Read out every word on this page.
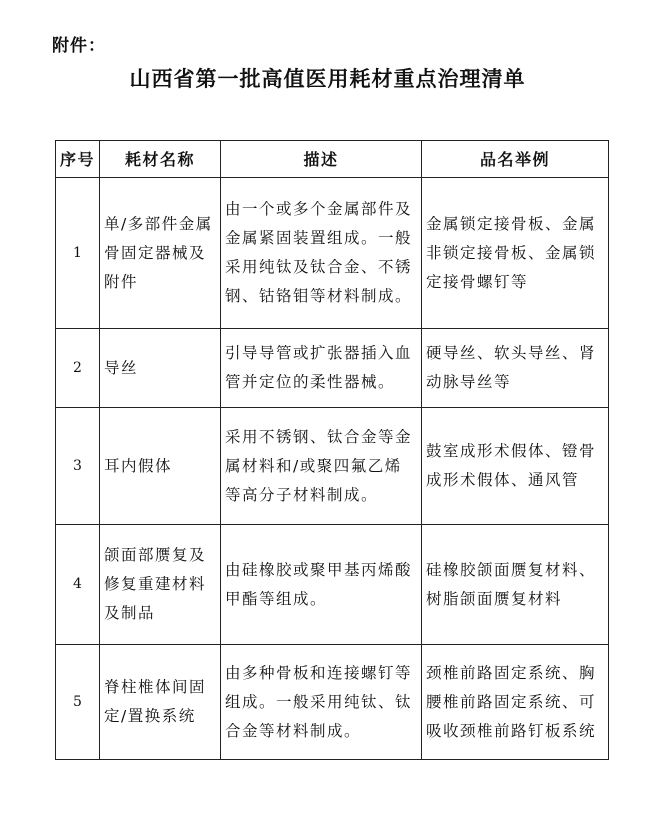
附件：
山西省第一批高值医用耗材重点治理清单
序号	耗材名称	描述	品名举例
1	单/多部件金属骨固定器械及附件	由一个或多个金属部件及金属紧固装置组成。一般采用纯钛及钛合金、不锈钢、钴铬钼等材料制成。	金属锁定接骨板、金属非锁定接骨板、金属锁定接骨螺钉等
2	导丝	引导导管或扩张器插入血管并定位的柔性器械。	硬导丝、软头导丝、肾动脉导丝等
3	耳内假体	采用不锈钢、钛合金等金属材料和/或聚四氟乙烯等高分子材料制成。	鼓室成形术假体、镫骨成形术假体、通风管
4	颌面部赝复及修复重建材料及制品	由硅橡胶或聚甲基丙烯酸甲酯等组成。	硅橡胶颌面赝复材料、树脂颌面赝复材料
5	脊柱椎体间固定/置换系统	由多种骨板和连接螺钉等组成。一般采用纯钛、钛合金等材料制成。	颈椎前路固定系统、胸腰椎前路固定系统、可吸收颈椎前路钉板系统
